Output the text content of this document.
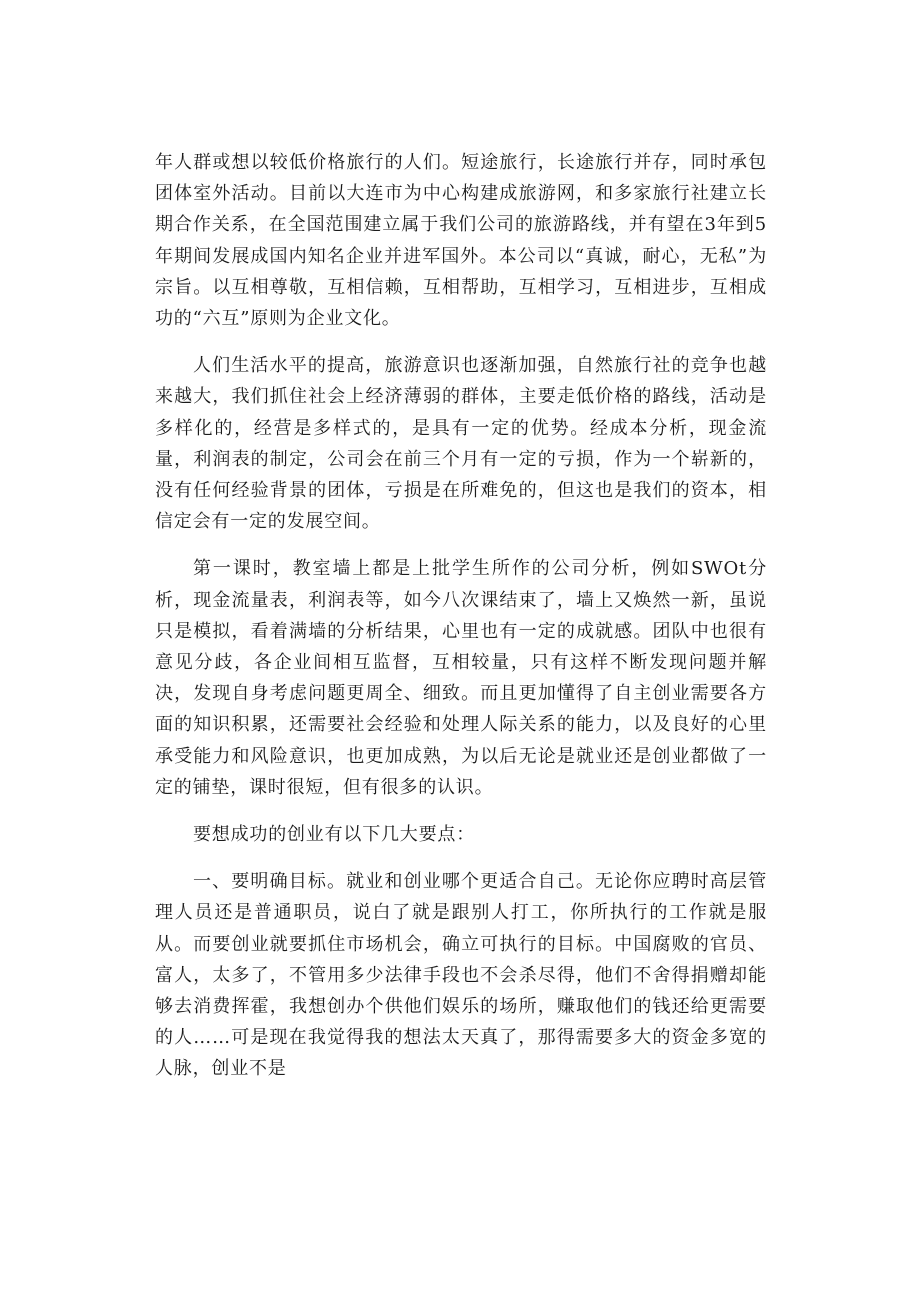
年人群或想以较低价格旅行的人们。短途旅行，长途旅行并存，同时承包团体室外活动。目前以大连市为中心构建成旅游网，和多家旅行社建立长期合作关系，在全国范围建立属于我们公司的旅游路线，并有望在3年到5年期间发展成国内知名企业并进军国外。本公司以“真诚，耐心，无私”为宗旨。以互相尊敬，互相信赖，互相帮助，互相学习，互相进步，互相成功的“六互”原则为企业文化。

人们生活水平的提高，旅游意识也逐渐加强，自然旅行社的竞争也越来越大，我们抓住社会上经济薄弱的群体，主要走低价格的路线，活动是多样化的，经营是多样式的，是具有一定的优势。经成本分析，现金流量，利润表的制定，公司会在前三个月有一定的亏损，作为一个崭新的，没有任何经验背景的团体，亏损是在所难免的，但这也是我们的资本，相信定会有一定的发展空间。

第一课时，教室墙上都是上批学生所作的公司分析，例如SWOt分析，现金流量表，利润表等，如今八次课结束了，墙上又焕然一新，虽说只是模拟，看着满墙的分析结果，心里也有一定的成就感。团队中也很有意见分歧，各企业间相互监督，互相较量，只有这样不断发现问题并解决，发现自身考虑问题更周全、细致。而且更加懂得了自主创业需要各方面的知识积累，还需要社会经验和处理人际关系的能力，以及良好的心里承受能力和风险意识，也更加成熟，为以后无论是就业还是创业都做了一定的铺垫，课时很短，但有很多的认识。

要想成功的创业有以下几大要点：

一、要明确目标。就业和创业哪个更适合自己。无论你应聘时高层管理人员还是普通职员，说白了就是跟别人打工，你所执行的工作就是服从。而要创业就要抓住市场机会，确立可执行的目标。中国腐败的官员、富人，太多了，不管用多少法律手段也不会杀尽得，他们不舍得捐赠却能够去消费挥霍，我想创办个供他们娱乐的场所，赚取他们的钱还给更需要的人……可是现在我觉得我的想法太天真了，那得需要多大的资金多宽的人脉，创业不是
